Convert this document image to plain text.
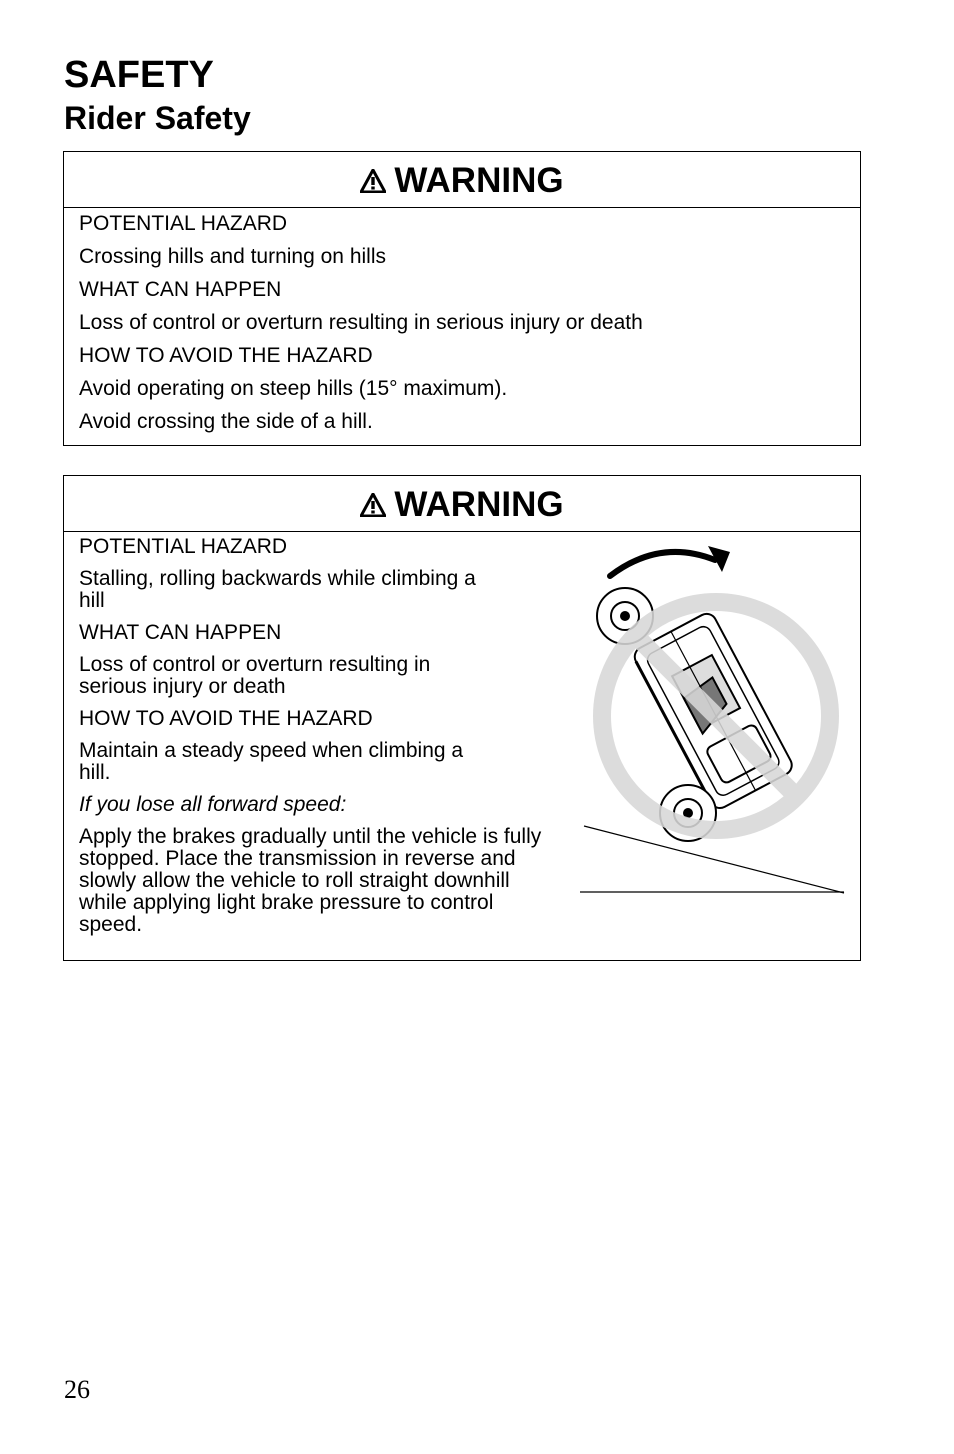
SAFETY
Rider Safety
WARNING
POTENTIAL HAZARD
Crossing hills and turning on hills
WHAT CAN HAPPEN
Loss of control or overturn resulting in serious injury or death
HOW TO AVOID THE HAZARD
Avoid operating on steep hills (15° maximum).
Avoid crossing the side of a hill.
WARNING
POTENTIAL HAZARD
Stalling, rolling backwards while climbing a hill
WHAT CAN HAPPEN
Loss of control or overturn resulting in serious injury or death
HOW TO AVOID THE HAZARD
Maintain a steady speed when climbing a hill.
If you lose all forward speed:
Apply the brakes gradually until the vehicle is fully stopped. Place the transmission in reverse and slowly allow the vehicle to roll straight downhill while applying light brake pressure to control speed.
26
